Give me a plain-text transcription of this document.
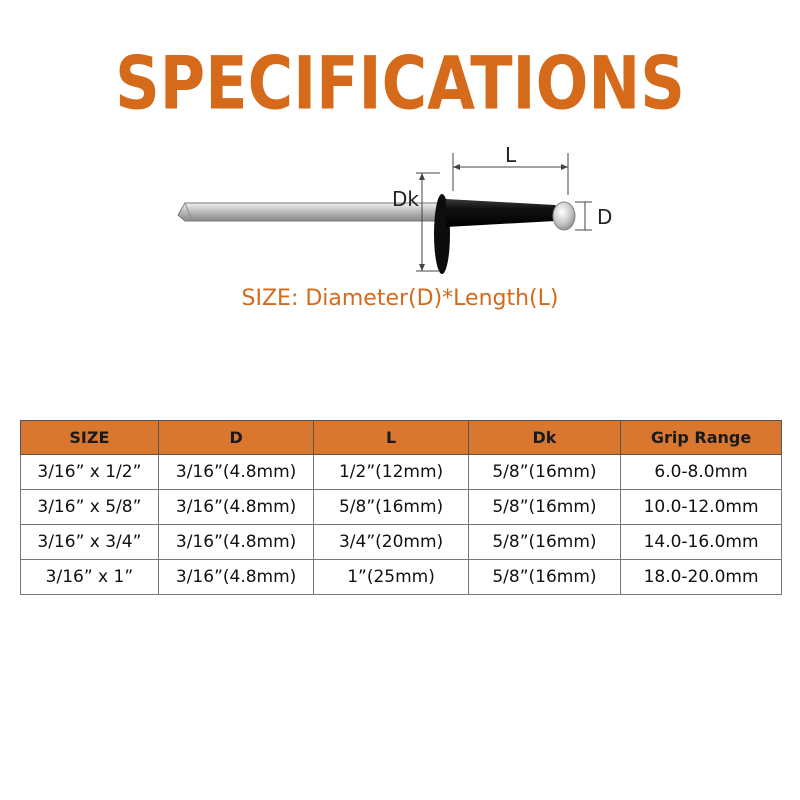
SPECIFICATIONS
L
Dk
D
SIZE: Diameter(D)*Length(L)
SIZE	D	L	Dk	Grip Range
3/16” x 1/2”	3/16”(4.8mm)	1/2”(12mm)	5/8”(16mm)	6.0-8.0mm
3/16” x 5/8”	3/16”(4.8mm)	5/8”(16mm)	5/8”(16mm)	10.0-12.0mm
3/16” x 3/4”	3/16”(4.8mm)	3/4”(20mm)	5/8”(16mm)	14.0-16.0mm
3/16” x 1”	3/16”(4.8mm)	1”(25mm)	5/8”(16mm)	18.0-20.0mm
